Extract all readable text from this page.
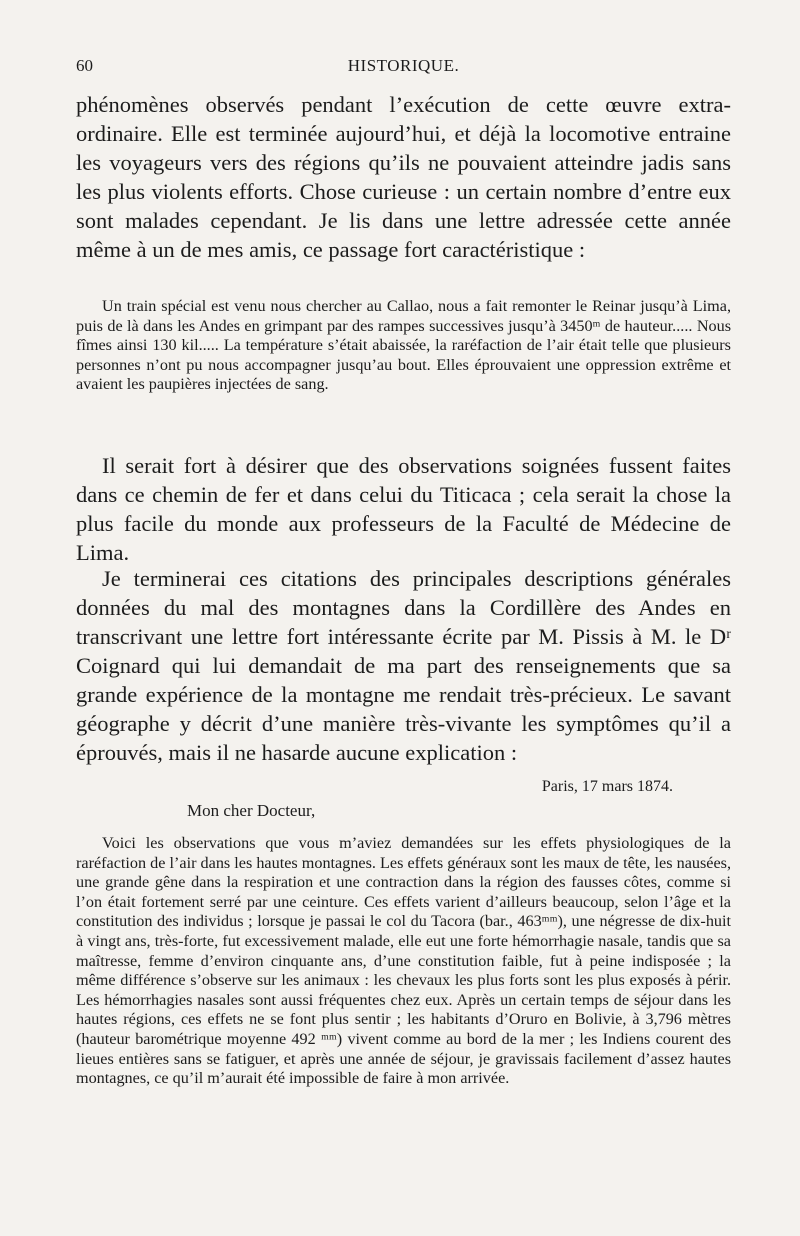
60	HISTORIQUE.

phénomènes observés pendant l’exécution de cette œuvre extra-ordinaire. Elle est terminée aujourd’hui, et déjà la locomotive entraine les voyageurs vers des régions qu’ils ne pouvaient atteindre jadis sans les plus violents efforts. Chose curieuse : un certain nombre d’entre eux sont malades cependant. Je lis dans une lettre adressée cette année même à un de mes amis, ce passage fort caractéristique :

Un train spécial est venu nous chercher au Callao, nous a fait remonter le Reinar jusqu’à Lima, puis de là dans les Andes en grimpant par des rampes successives jusqu’à 3450ᵐ de hauteur..... Nous fîmes ainsi 130 kil..... La température s’était abaissée, la raréfaction de l’air était telle que plusieurs personnes n’ont pu nous accompagner jusqu’au bout. Elles éprouvaient une oppression extrême et avaient les paupières injectées de sang.

Il serait fort à désirer que des observations soignées fussent faites dans ce chemin de fer et dans celui du Titicaca ; cela serait la chose la plus facile du monde aux professeurs de la Faculté de Médecine de Lima.

Je terminerai ces citations des principales descriptions générales données du mal des montagnes dans la Cordillère des Andes en transcrivant une lettre fort intéressante écrite par M. Pissis à M. le Dʳ Coignard qui lui demandait de ma part des renseignements que sa grande expérience de la montagne me rendait très-précieux. Le savant géographe y décrit d’une manière très-vivante les symptômes qu’il a éprouvés, mais il ne hasarde aucune explication :

Paris, 17 mars 1874.
Mon cher Docteur,

Voici les observations que vous m’aviez demandées sur les effets physiologiques de la raréfaction de l’air dans les hautes montagnes. Les effets généraux sont les maux de tête, les nausées, une grande gêne dans la respiration et une contraction dans la région des fausses côtes, comme si l’on était fortement serré par une ceinture. Ces effets varient d’ailleurs beaucoup, selon l’âge et la constitution des individus ; lorsque je passai le col du Tacora (bar., 463ᵐᵐ), une négresse de dix-huit à vingt ans, très-forte, fut excessivement malade, elle eut une forte hémorrhagie nasale, tandis que sa maîtresse, femme d’environ cinquante ans, d’une constitution faible, fut à peine indisposée ; la même différence s’observe sur les animaux : les chevaux les plus forts sont les plus exposés à périr. Les hémorrhagies nasales sont aussi fréquentes chez eux. Après un certain temps de séjour dans les hautes régions, ces effets ne se font plus sentir ; les habitants d’Oruro en Bolivie, à 3,796 mètres (hauteur barométrique moyenne 492 ᵐᵐ) vivent comme au bord de la mer ; les Indiens courent des lieues entières sans se fatiguer, et après une année de séjour, je gravissais facilement d’assez hautes montagnes, ce qu’il m’aurait été impossible de faire à mon arrivée.
